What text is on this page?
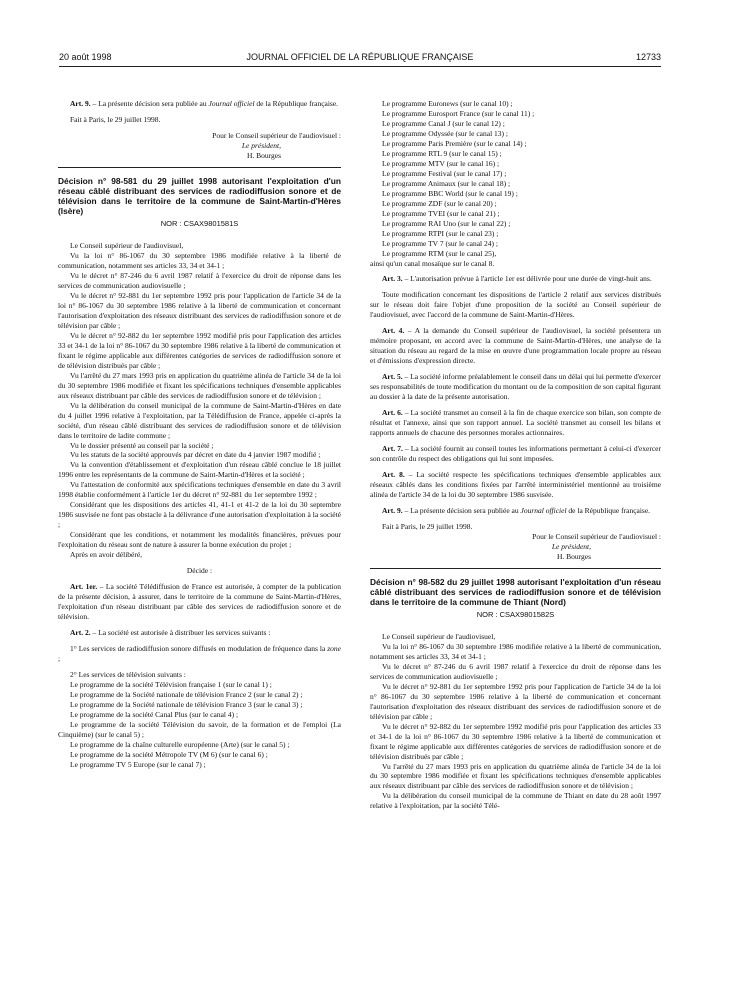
20 août 1998	JOURNAL OFFICIEL DE LA RÉPUBLIQUE FRANÇAISE	12733

Art. 9. – La présente décision sera publiée au Journal officiel de la République française.

Fait à Paris, le 29 juillet 1998.

Pour le Conseil supérieur de l'audiovisuel :

Le président,

H. Bourges

Décision n° 98-581 du 29 juillet 1998 autorisant l'exploitation d'un réseau câblé distribuant des services de radiodiffusion sonore et de télévision dans le territoire de la commune de Saint-Martin-d'Hères (Isère)

NOR : CSAX9801581S

Le Conseil supérieur de l'audiovisuel,

Vu la loi n° 86-1067 du 30 septembre 1986 modifiée relative à la liberté de communication, notamment ses articles 33, 34 et 34-1 ;

Vu le décret n° 87-246 du 6 avril 1987 relatif à l'exercice du droit de réponse dans les services de communication audiovisuelle ;

Vu le décret n° 92-881 du 1er septembre 1992 pris pour l'application de l'article 34 de la loi n° 86-1067 du 30 septembre 1986 relative à la liberté de communication et concernant l'autorisation d'exploitation des réseaux distribuant des services de radiodiffusion sonore et de télévision par câble ;

Vu le décret n° 92-882 du 1er septembre 1992 modifié pris pour l'application des articles 33 et 34-1 de la loi n° 86-1067 du 30 septembre 1986 relative à la liberté de communication et fixant le régime applicable aux différentes catégories de services de radiodiffusion sonore et de télévision distribués par câble ;

Vu l'arrêté du 27 mars 1993 pris en application du quatrième alinéa de l'article 34 de la loi du 30 septembre 1986 modifiée et fixant les spécifications techniques d'ensemble applicables aux réseaux distribuant par câble des services de radiodiffusion sonore et de télévision ;

Vu la délibération du conseil municipal de la commune de Saint-Martin-d'Hères en date du 4 juillet 1996 relative à l'exploitation, par la Télédiffusion de France, appelée ci-après la société, d'un réseau câblé distribuant des services de radiodiffusion sonore et de télévision dans le territoire de ladite commune ;

Vu le dossier présenté au conseil par la société ;

Vu les statuts de la société approuvés par décret en date du 4 janvier 1987 modifié ;

Vu la convention d'établissement et d'exploitation d'un réseau câblé conclue le 18 juillet 1996 entre les représentants de la commune de Saint-Martin-d'Hères et la société ;

Vu l'attestation de conformité aux spécifications techniques d'ensemble en date du 3 avril 1998 établie conformément à l'article 1er du décret n° 92-881 du 1er septembre 1992 ;

Considérant que les dispositions des articles 41, 41-1 et 41-2 de la loi du 30 septembre 1986 susvisée ne font pas obstacle à la délivrance d'une autorisation d'exploitation à la société ;

Considérant que les conditions, et notamment les modalités financières, prévues pour l'exploitation du réseau sont de nature à assurer la bonne exécution du projet ;

Après en avoir délibéré,

Décide :

Art. 1er. – La société Télédiffusion de France est autorisée, à compter de la publication de la présente décision, à assurer, dans le territoire de la commune de Saint-Martin-d'Hères, l'exploitation d'un réseau distribuant par câble des services de radiodiffusion sonore et de télévision.

Art. 2. – La société est autorisée à distribuer les services suivants :

1° Les services de radiodiffusion sonore diffusés en modulation de fréquence dans la zone ;

2° Les services de télévision suivants :

Le programme de la société Télévision française 1 (sur le canal 1) ;

Le programme de la Société nationale de télévision France 2 (sur le canal 2) ;

Le programme de la Société nationale de télévision France 3 (sur le canal 3) ;

Le programme de la société Canal Plus (sur le canal 4) ;

Le programme de la société Télévision du savoir, de la formation et de l'emploi (La Cinquième) (sur le canal 5) ;

Le programme de la chaîne culturelle européenne (Arte) (sur le canal 5) ;

Le programme de la société Métropole TV (M 6) (sur le canal 6) ;

Le programme TV 5 Europe (sur le canal 7) ;

Le programme Euronews (sur le canal 10) ;

Le programme Eurosport France (sur le canal 11) ;

Le programme Canal J (sur le canal 12) ;

Le programme Odyssée (sur le canal 13) ;

Le programme Paris Première (sur le canal 14) ;

Le programme RTL 9 (sur le canal 15) ;

Le programme MTV (sur le canal 16) ;

Le programme Festival (sur le canal 17) ;

Le programme Animaux (sur le canal 18) ;

Le programme BBC World (sur le canal 19) ;

Le programme ZDF (sur le canal 20) ;

Le programme TVEI (sur le canal 21) ;

Le programme RAI Uno (sur le canal 22) ;

Le programme RTPI (sur le canal 23) ;

Le programme TV 7 (sur le canal 24) ;

Le programme RTM (sur le canal 25),

ainsi qu'un canal mosaïque sur le canal 8.

Art. 3. – L'autorisation prévue à l'article 1er est délivrée pour une durée de vingt-huit ans.

Toute modification concernant les dispositions de l'article 2 relatif aux services distribués sur le réseau doit faire l'objet d'une proposition de la société au Conseil supérieur de l'audiovisuel, avec l'accord de la commune de Saint-Martin-d'Hères.

Art. 4. – A la demande du Conseil supérieur de l'audiovisuel, la société présentera un mémoire proposant, en accord avec la commune de Saint-Martin-d'Hères, une analyse de la situation du réseau au regard de la mise en œuvre d'une programmation locale propre au réseau et d'émissions d'expression directe.

Art. 5. – La société informe préalablement le conseil dans un délai qui lui permette d'exercer ses responsabilités de toute modification du montant ou de la composition de son capital figurant au dossier à la date de la présente autorisation.

Art. 6. – La société transmet au conseil à la fin de chaque exercice son bilan, son compte de résultat et l'annexe, ainsi que son rapport annuel. La société transmet au conseil les bilans et rapports annuels de chacune des personnes morales actionnaires.

Art. 7. – La société fournit au conseil toutes les informations permettant à celui-ci d'exercer son contrôle du respect des obligations qui lui sont imposées.

Art. 8. – La société respecte les spécifications techniques d'ensemble applicables aux réseaux câblés dans les conditions fixées par l'arrêté interministériel mentionné au troisième alinéa de l'article 34 de la loi du 30 septembre 1986 susvisée.

Art. 9. – La présente décision sera publiée au Journal officiel de la République française.

Fait à Paris, le 29 juillet 1998.

Pour le Conseil supérieur de l'audiovisuel :

Le président,

H. Bourges

Décision n° 98-582 du 29 juillet 1998 autorisant l'exploitation d'un réseau câblé distribuant des services de radiodiffusion sonore et de télévision dans le territoire de la commune de Thiant (Nord)

NOR : CSAX9801582S

Le Conseil supérieur de l'audiovisuel,

Vu la loi n° 86-1067 du 30 septembre 1986 modifiée relative à la liberté de communication, notamment ses articles 33, 34 et 34-1 ;

Vu le décret n° 87-246 du 6 avril 1987 relatif à l'exercice du droit de réponse dans les services de communication audiovisuelle ;

Vu le décret n° 92-881 du 1er septembre 1992 pris pour l'application de l'article 34 de la loi n° 86-1067 du 30 septembre 1986 relative à la liberté de communication et concernant l'autorisation d'exploitation des réseaux distribuant des services de radiodiffusion sonore et de télévision par câble ;

Vu le décret n° 92-882 du 1er septembre 1992 modifié pris pour l'application des articles 33 et 34-1 de la loi n° 86-1067 du 30 septembre 1986 relative à la liberté de communication et fixant le régime applicable aux différentes catégories de services de radiodiffusion sonore et de télévision distribués par câble ;

Vu l'arrêté du 27 mars 1993 pris en application du quatrième alinéa de l'article 34 de la loi du 30 septembre 1986 modifiée et fixant les spécifications techniques d'ensemble applicables aux réseaux distribuant par câble des services de radiodiffusion sonore et de télévision ;

Vu la délibération du conseil municipal de la commune de Thiant en date du 28 août 1997 relative à l'exploitation, par la société Télé-
